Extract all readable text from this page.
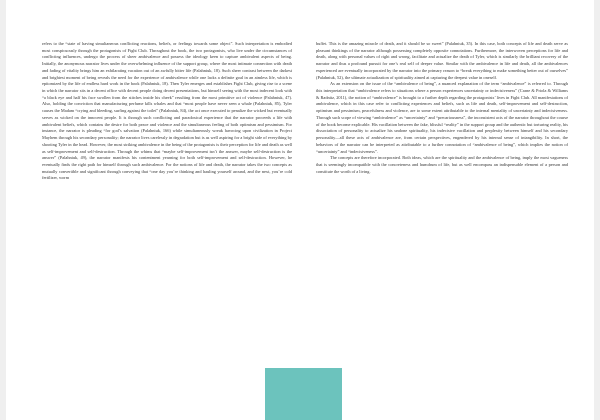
refers to the “state of having simultaneous conflicting reactions, beliefs, or feelings towards some object”. Such interpretation is embodied most conspicuously through the protagonists of Fight Club. Throughout the book, the two protagonists, who live under the circumstances of conflicting influences, undergo the process of sheer ambivalence and possess the ideology keen to capture ambivalent aspects of being. Initially, the anonymous narrator lives under the overwhelming influence of the support group, where the most intimate connection with death and fading of vitality brings him an exhilarating vacation out of an awfully bitter life (Palahniuk, 18). Such sheer contrast between the darkest and brightest moment of being reveals the need for the experience of ambivalence while one lacks a definite goal in an aimless life, which is epitomized by the life of endless hard work in the book (Palahniuk, 18). Then Tyler emerges and establishes Fight Club, giving rise to a scene in which the narrator sits in a decent office with decent people doing decent presentations, but himself seeing with the most indecent look with “a black eye and half his face swollen from the stitches inside his cheek” resulting from the most primitive act of violence (Palahniuk, 47). Also, holding the conviction that manufacturing perfume kills whales and that “most people have never seen a whale (Palahniuk, 85), Tyler causes the Madam “crying and bleeding, surfing against the toilet” (Palahniuk, 84), the act once executed to penalize the wicked but eventually serves as wicked on the innocent people. It is through such conflicting and paradoxical experience that the narrator proceeds a life with ambivalent beliefs, which contains the desire for both peace and violence and the simultaneous feeling of both optimism and pessimism. For instance, the narrator is pleading “for god’s salvation (Palahniuk, 166) while simultaneously wreak havocing upon civilization in Project Mayhem through his secondary personality; the narrator lives carelessly in degradation but is as well aspiring for a bright side of everything by shooting Tyler in the head. However, the most striking ambivalence in the being of the protagonists is their perception for life and death as well as self-improvement and self-destruction. Through the whims that “maybe self-improvement isn’t the answer, maybe self-destruction is the answer” (Palahniuk, 49), the narrator manifests his contentment yearning for both self-improvement and self-destruction. However, he eventually finds the right path for himself through such ambivalence. For the notions of life and death, the narrator takes the two concepts as mutually convertible and significant through conveying that “one day you’re thinking and hauling yourself around, and the next, you’re cold fertilizer, worm

buffet. This is the amazing miracle of death, and it should be so sweet” (Palahniuk, 35). In this case, both concepts of life and death serve as pleasant thinkings of the narrator although possessing completely opposite connotations. Furthermore, the interwoven perceptions for life and death, along with personal values of right and wrong, facilitate and actualize the death of Tyler, which is similarly the brilliant recovery of the narrator and thus a profound pursuit for one’s real self of deeper value. Similar with the ambivalence in life and death, all the ambivalences experienced are eventually incorporated by the narrator into the primary reason to “break everything to make something better out of ourselves” (Palahniuk, 52), the ultimate actualization of spirituality aimed at capturing the deepest value in oneself.

As an extension on the issue of the “ambivalence of being”, a nuanced explanation of the term “ambivalence” is referred to. Through this interpretation that “ambivalence refers to situations where a person experiences uncertainty or indecisiveness” (Crane & Priola & Williams & Radnitz, 2011), the notion of “ambivalence” is brought to a further depth regarding the protagonists’ lives in Fight Club. All manifestations of ambivalence, which in this case refer to conflicting experiences and beliefs, such as life and death, self-improvement and self-destruction, optimism and pessimism, peacefulness and violence, are to some extent attributable to the internal mentality of uncertainty and indecisiveness. Through such scope of viewing “ambivalence” as “uncertainty” and “precariousness”, the inconsistent acts of the narrator throughout the course of the book become explicable. His vacillation between the fake, blissful “reality” in the support group and the authentic but torturing reality, his dissociation of personality to actualize his undone spirituality, his indecisive vacillation and perplexity between himself and his secondary personality—all these acts of ambivalence are, from certain perspectives, engendered by his internal sense of intangibility. In short, the behaviors of the narrator can be interpreted as attributable to a further connotation of “ambivalence of being”, which implies the notion of “uncertainty” and “indecisiveness”.

The concepts are therefore incorporated. Both ideas, which are the spirituality and the ambivalence of being, imply the most vagueness that is seemingly incompatible with the concreteness and humdrum of life, but as well encompass an indispensable element of a person and constitute the worth of a living.
